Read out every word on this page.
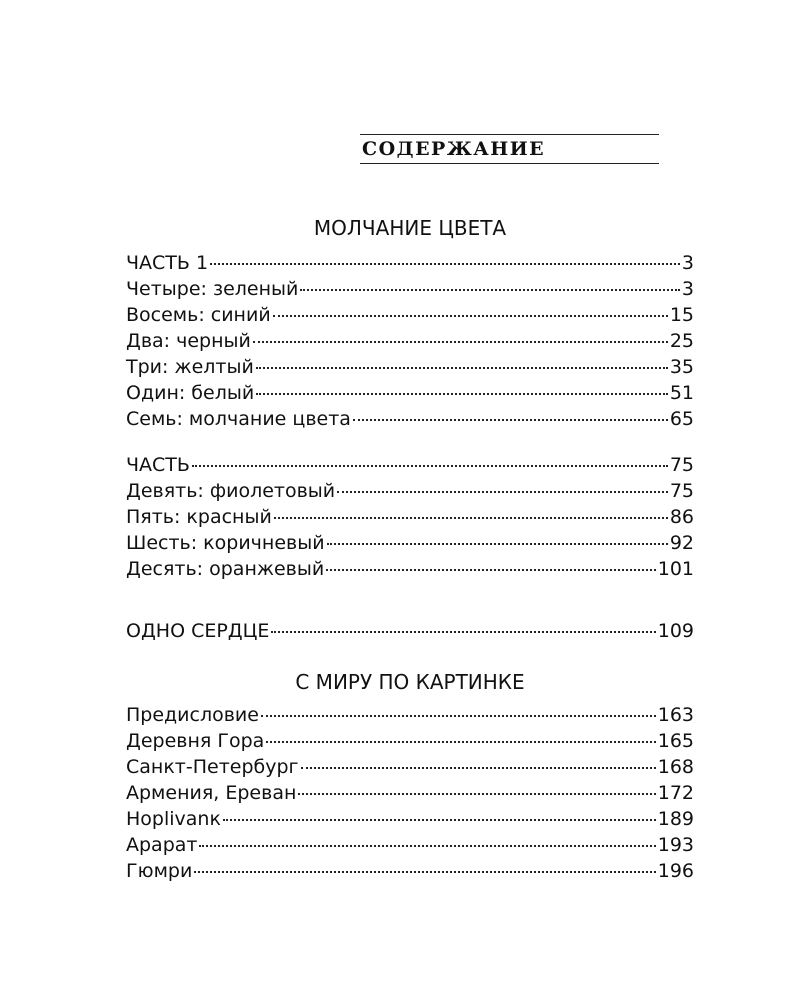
СОДЕРЖАНИЕ
МОЛЧАНИЕ ЦВЕТА
ЧАСТЬ 1	3
Четыре: зеленый	3
Восемь: синий	15
Два: черный	25
Три: желтый	35
Один: белый	51
Семь: молчание цвета	65
ЧАСТЬ	75
Девять: фиолетовый	75
Пять: красный	86
Шесть: коричневый	92
Десять: оранжевый	101
ОДНО СЕРДЦЕ	109
С МИРУ ПО КАРТИНКЕ
Предисловие	163
Деревня Гора	165
Санкт-Петербург	168
Армения, Ереван	172
Норlivanк	189
Арарат	193
Гюмри	196
